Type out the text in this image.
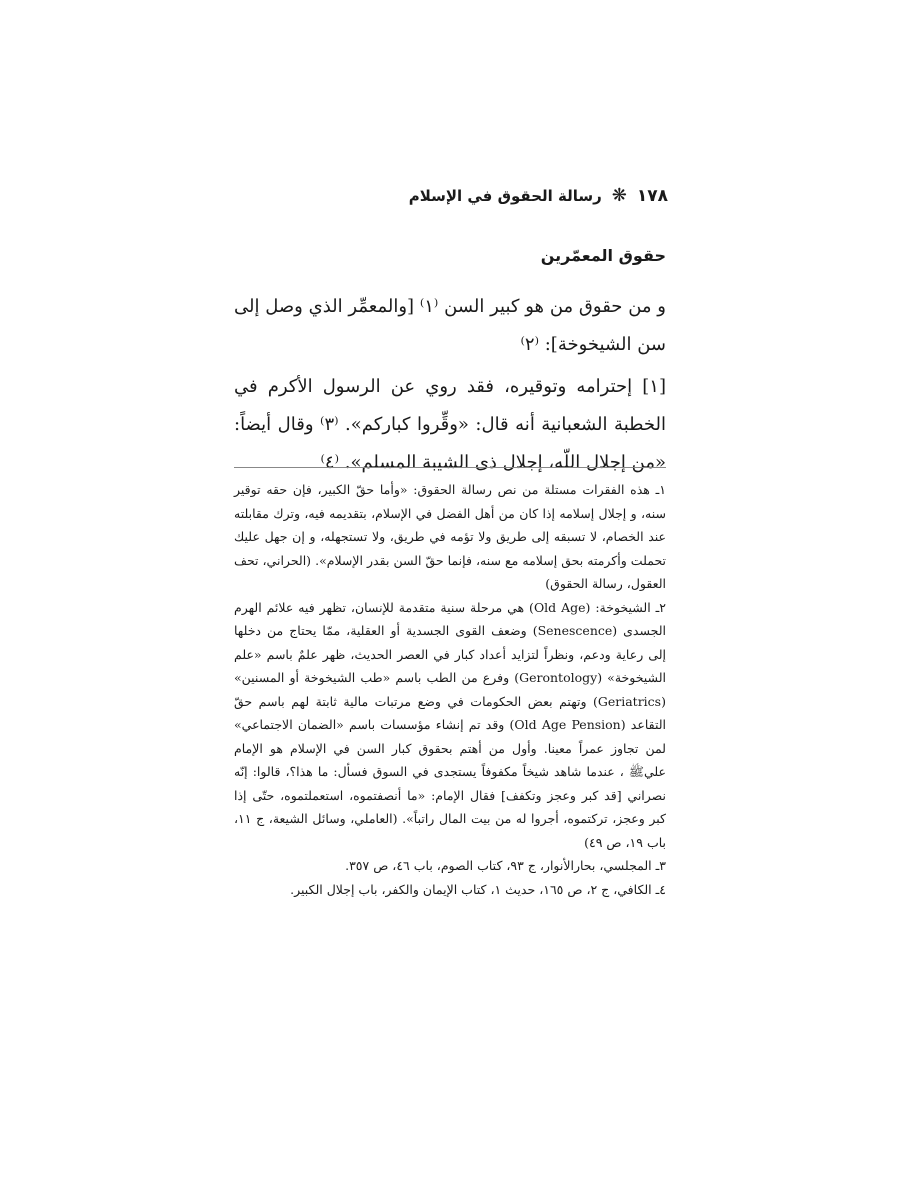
١٧٨
❋
رسالة الحقوق في الإسلام
حقوق المعمّرين

و من حقوق من هو كبير السن ⁽١⁾ [والمعمِّر الذي وصل إلى سن الشيخوخة]: ⁽٢⁾

[١] إحترامه وتوقيره، فقد روي عن الرسول الأكرم في الخطبة الشعبانية أنه قال: «وقِّروا كباركم». ⁽٣⁾ وقال أيضاً: «من إجلال اللّه، إجلال ذى الشيبة المسلم». ⁽٤⁾

١ـ هذه الفقرات مستلة من نص رسالة الحقوق: «وأما حقّ الكبير، فإن حقه توقير سنه، و إجلال إسلامه إذا كان من أهل الفضل في الإسلام، بتقديمه فيه، وترك مقابلته عند الخصام، لا تسبقه إلى طريق ولا تؤمه في طريق، ولا تستجهله، و إن جهل عليك تحملت وأكرمته بحق إسلامه مع سنه، فإنما حقّ السن بقدر الإسلام». (الحراني، تحف العقول، رسالة الحقوق)

٢ـ الشيخوخة: (Old Age) هي مرحلة سنية متقدمة للإنسان، تظهر فيه علائم الهرم الجسدى (Senescence) وضعف القوى الجسدية أو العقلية، ممّا يحتاج من دخلها إلى رعاية ودعم، ونظراً لتزايد أعداد كبار في العصر الحديث، ظهر علمٌ باسم «علم الشيخوخة» (Gerontology) وفرع من الطب باسم «طب الشيخوخة أو المسنين» (Geriatrics) وتهتم بعض الحكومات في وضع مرتبات مالية ثابتة لهم باسم حقّ التقاعد (Old Age Pension) وقد تم إنشاء مؤسسات باسم «الضمان الاجتماعي» لمن تجاوز عمراً معينا. وأول من أهتم بحقوق كبار السن في الإسلام هو الإمام عليﷺ ، عندما شاهد شيخاً مكفوفاً يستجدى في السوق فسأل: ما هذا؟، قالوا: إنّه نصراني [قد كبر وعجز وتكفف] فقال الإمام: «ما أنصفتموه، استعملتموه، حتّى إذا كبر وعجز، تركتموه، أجروا له من بيت المال راتباً». (العاملي، وسائل الشيعة، ج ١١، باب ١٩، ص ٤٩)

٣ـ المجلسي، بحارالأنوار، ج ٩٣، كتاب الصوم، باب ٤٦، ص ٣٥٧.

٤ـ الكافي، ج ٢، ص ١٦٥، حديث ١، كتاب الإيمان والكفر، باب إجلال الكبير.
